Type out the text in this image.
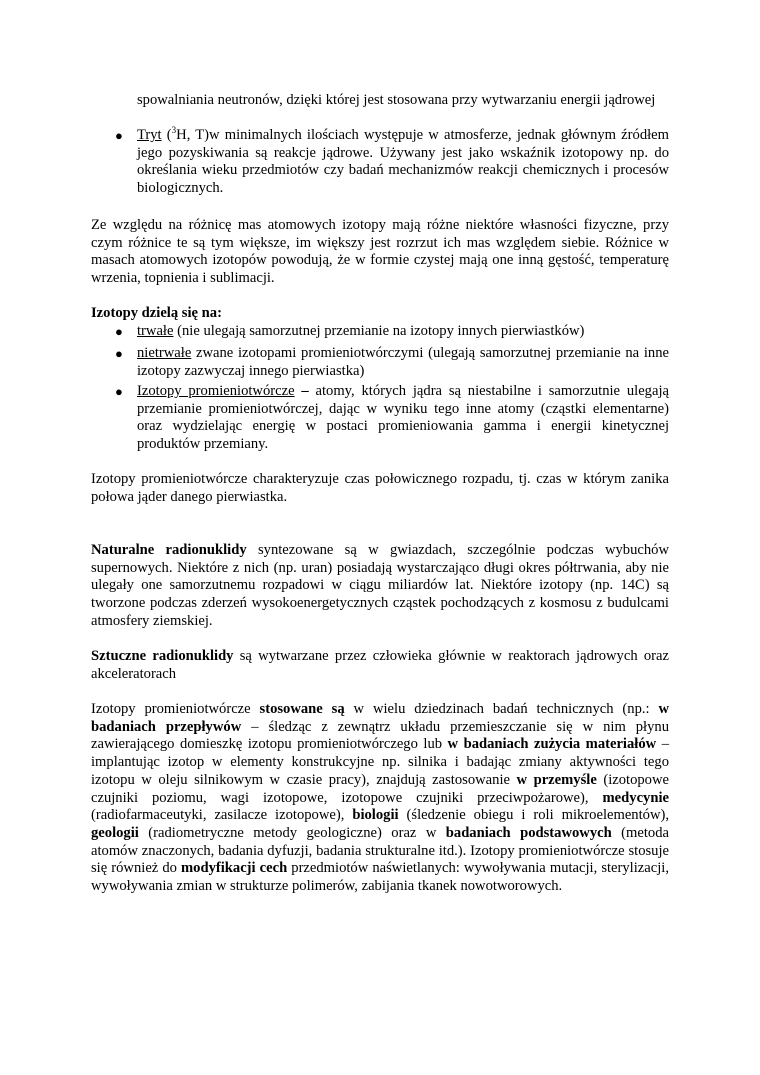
spowalniania neutronów, dzięki której jest stosowana przy wytwarzaniu energii jądrowej

● Tryt ($^3$H, T)w minimalnych ilościach występuje w atmosferze, jednak głównym źródłem jego pozyskiwania są reakcje jądrowe. Używany jest jako wskaźnik izotopowy np. do określania wieku przedmiotów czy badań mechanizmów reakcji chemicznych i procesów biologicznych.

Ze względu na różnicę mas atomowych izotopy mają różne niektóre własności fizyczne, przy czym różnice te są tym większe, im większy jest rozrzut ich mas względem siebie. Różnice w masach atomowych izotopów powodują, że w formie czystej mają one inną gęstość, temperaturę wrzenia, topnienia i sublimacji.

Izotopy dzielą się na:

● trwałe (nie ulegają samorzutnej przemianie na izotopy innych pierwiastków)

● nietrwałe zwane izotopami promieniotwórczymi (ulegają samorzutnej przemianie na inne izotopy zazwyczaj innego pierwiastka)

● Izotopy promieniotwórcze – atomy, których jądra są niestabilne i samorzutnie ulegają przemianie promieniotwórczej, dając w wyniku tego inne atomy (cząstki elementarne) oraz wydzielając energię w postaci promieniowania gamma i energii kinetycznej produktów przemiany.

Izotopy promieniotwórcze charakteryzuje czas połowicznego rozpadu, tj. czas w którym zanika połowa jąder danego pierwiastka.

Naturalne radionuklidy syntezowane są w gwiazdach, szczególnie podczas wybuchów supernowych. Niektóre z nich (np. uran) posiadają wystarczająco długi okres półtrwania, aby nie ulegały one samorzutnemu rozpadowi w ciągu miliardów lat. Niektóre izotopy (np. 14C) są tworzone podczas zderzeń wysokoenergetycznych cząstek pochodzących z kosmosu z budulcami atmosfery ziemskiej.

Sztuczne radionuklidy są wytwarzane przez człowieka głównie w reaktorach jądrowych oraz akceleratorach

Izotopy promieniotwórcze stosowane są w wielu dziedzinach badań technicznych (np.: w badaniach przepływów – śledząc z zewnątrz układu przemieszczanie się w nim płynu zawierającego domieszkę izotopu promieniotwórczego lub w badaniach zużycia materiałów – implantując izotop w elementy konstrukcyjne np. silnika i badając zmiany aktywności tego izotopu w oleju silnikowym w czasie pracy), znajdują zastosowanie w przemyśle (izotopowe czujniki poziomu, wagi izotopowe, izotopowe czujniki przeciwpożarowe), medycynie (radiofarmaceutyki, zasilacze izotopowe), biologii (śledzenie obiegu i roli mikroelementów), geologii (radiometryczne metody geologiczne) oraz w badaniach podstawowych (metoda atomów znaczonych, badania dyfuzji, badania strukturalne itd.). Izotopy promieniotwórcze stosuje się również do modyfikacji cech przedmiotów naświetlanych: wywoływania mutacji, sterylizacji, wywoływania zmian w strukturze polimerów, zabijania tkanek nowotworowych.
